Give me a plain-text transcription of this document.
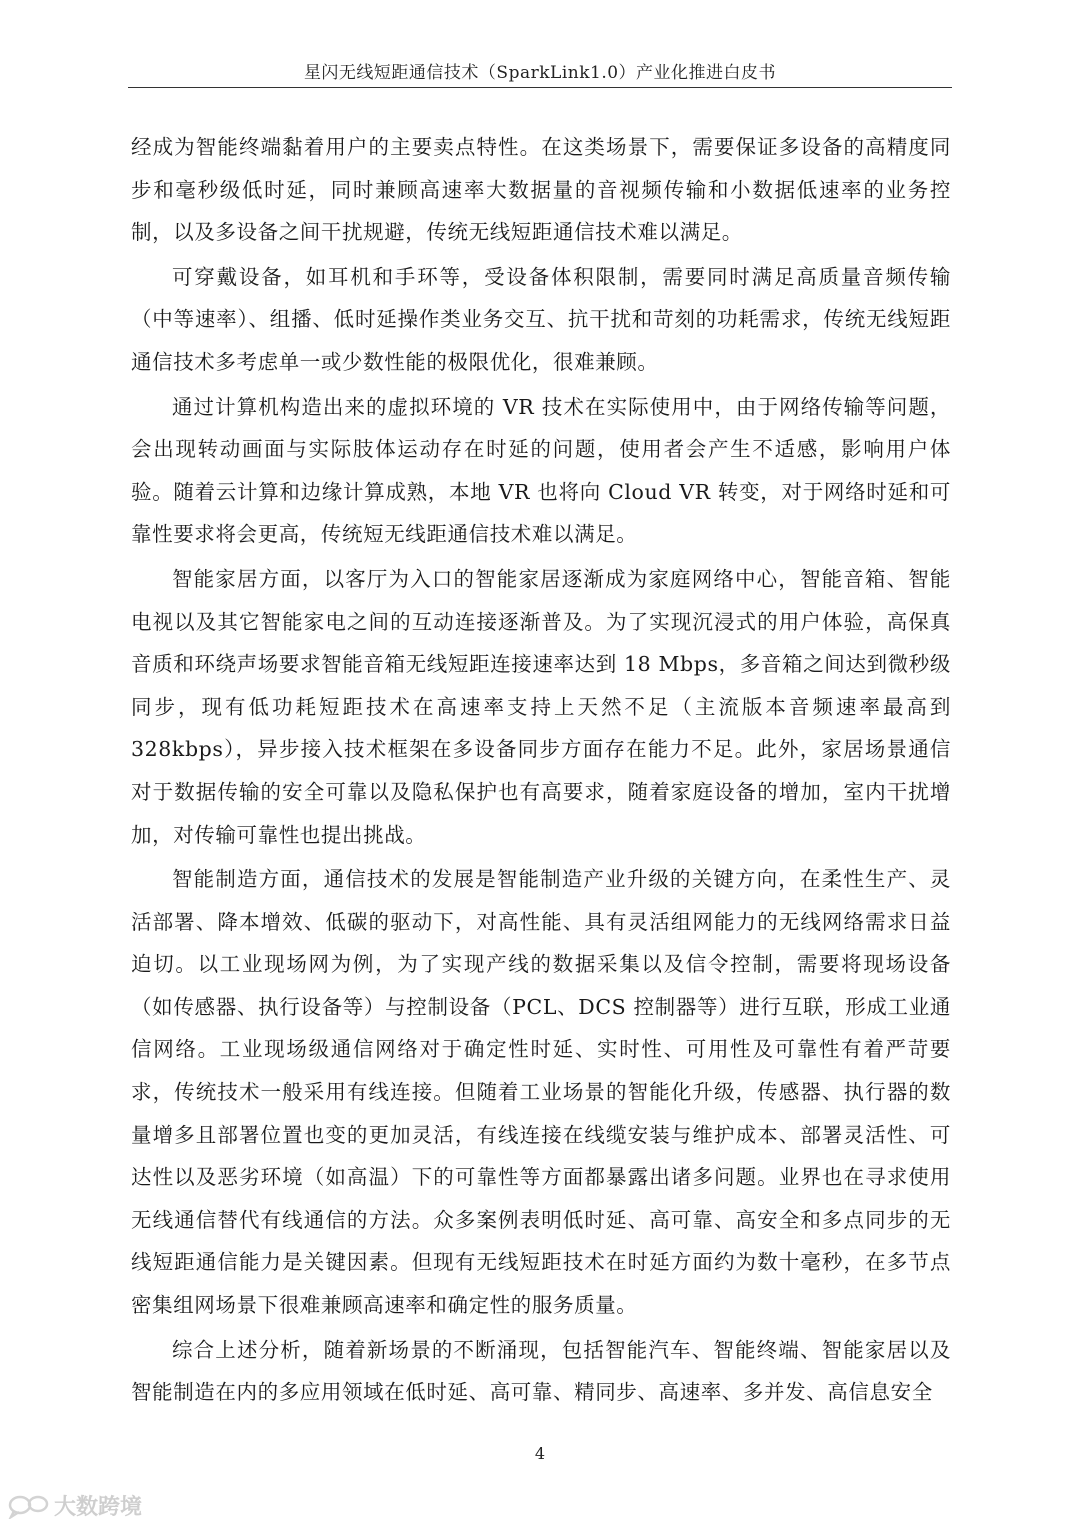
星闪无线短距通信技术（SparkLink1.0）产业化推进白皮书

经成为智能终端黏着用户的主要卖点特性。在这类场景下，需要保证多设备的高精度同步和毫秒级低时延，同时兼顾高速率大数据量的音视频传输和小数据低速率的业务控制，以及多设备之间干扰规避，传统无线短距通信技术难以满足。

可穿戴设备，如耳机和手环等，受设备体积限制，需要同时满足高质量音频传输（中等速率）、组播、低时延操作类业务交互、抗干扰和苛刻的功耗需求，传统无线短距通信技术多考虑单一或少数性能的极限优化，很难兼顾。

通过计算机构造出来的虚拟环境的 VR 技术在实际使用中，由于网络传输等问题，会出现转动画面与实际肢体运动存在时延的问题，使用者会产生不适感，影响用户体验。随着云计算和边缘计算成熟，本地 VR 也将向 Cloud VR 转变，对于网络时延和可靠性要求将会更高，传统短无线距通信技术难以满足。

智能家居方面，以客厅为入口的智能家居逐渐成为家庭网络中心，智能音箱、智能电视以及其它智能家电之间的互动连接逐渐普及。为了实现沉浸式的用户体验，高保真音质和环绕声场要求智能音箱无线短距连接速率达到 18 Mbps，多音箱之间达到微秒级同步，现有低功耗短距技术在高速率支持上天然不足（主流版本音频速率最高到328kbps），异步接入技术框架在多设备同步方面存在能力不足。此外，家居场景通信对于数据传输的安全可靠以及隐私保护也有高要求，随着家庭设备的增加，室内干扰增加，对传输可靠性也提出挑战。

智能制造方面，通信技术的发展是智能制造产业升级的关键方向，在柔性生产、灵活部署、降本增效、低碳的驱动下，对高性能、具有灵活组网能力的无线网络需求日益迫切。以工业现场网为例，为了实现产线的数据采集以及信令控制，需要将现场设备（如传感器、执行设备等）与控制设备（PCL、DCS 控制器等）进行互联，形成工业通信网络。工业现场级通信网络对于确定性时延、实时性、可用性及可靠性有着严苛要求，传统技术一般采用有线连接。但随着工业场景的智能化升级，传感器、执行器的数量增多且部署位置也变的更加灵活，有线连接在线缆安装与维护成本、部署灵活性、可达性以及恶劣环境（如高温）下的可靠性等方面都暴露出诸多问题。业界也在寻求使用无线通信替代有线通信的方法。众多案例表明低时延、高可靠、高安全和多点同步的无线短距通信能力是关键因素。但现有无线短距技术在时延方面约为数十毫秒，在多节点密集组网场景下很难兼顾高速率和确定性的服务质量。

综合上述分析，随着新场景的不断涌现，包括智能汽车、智能终端、智能家居以及智能制造在内的多应用领域在低时延、高可靠、精同步、高速率、多并发、高信息安全

4
大数跨境
